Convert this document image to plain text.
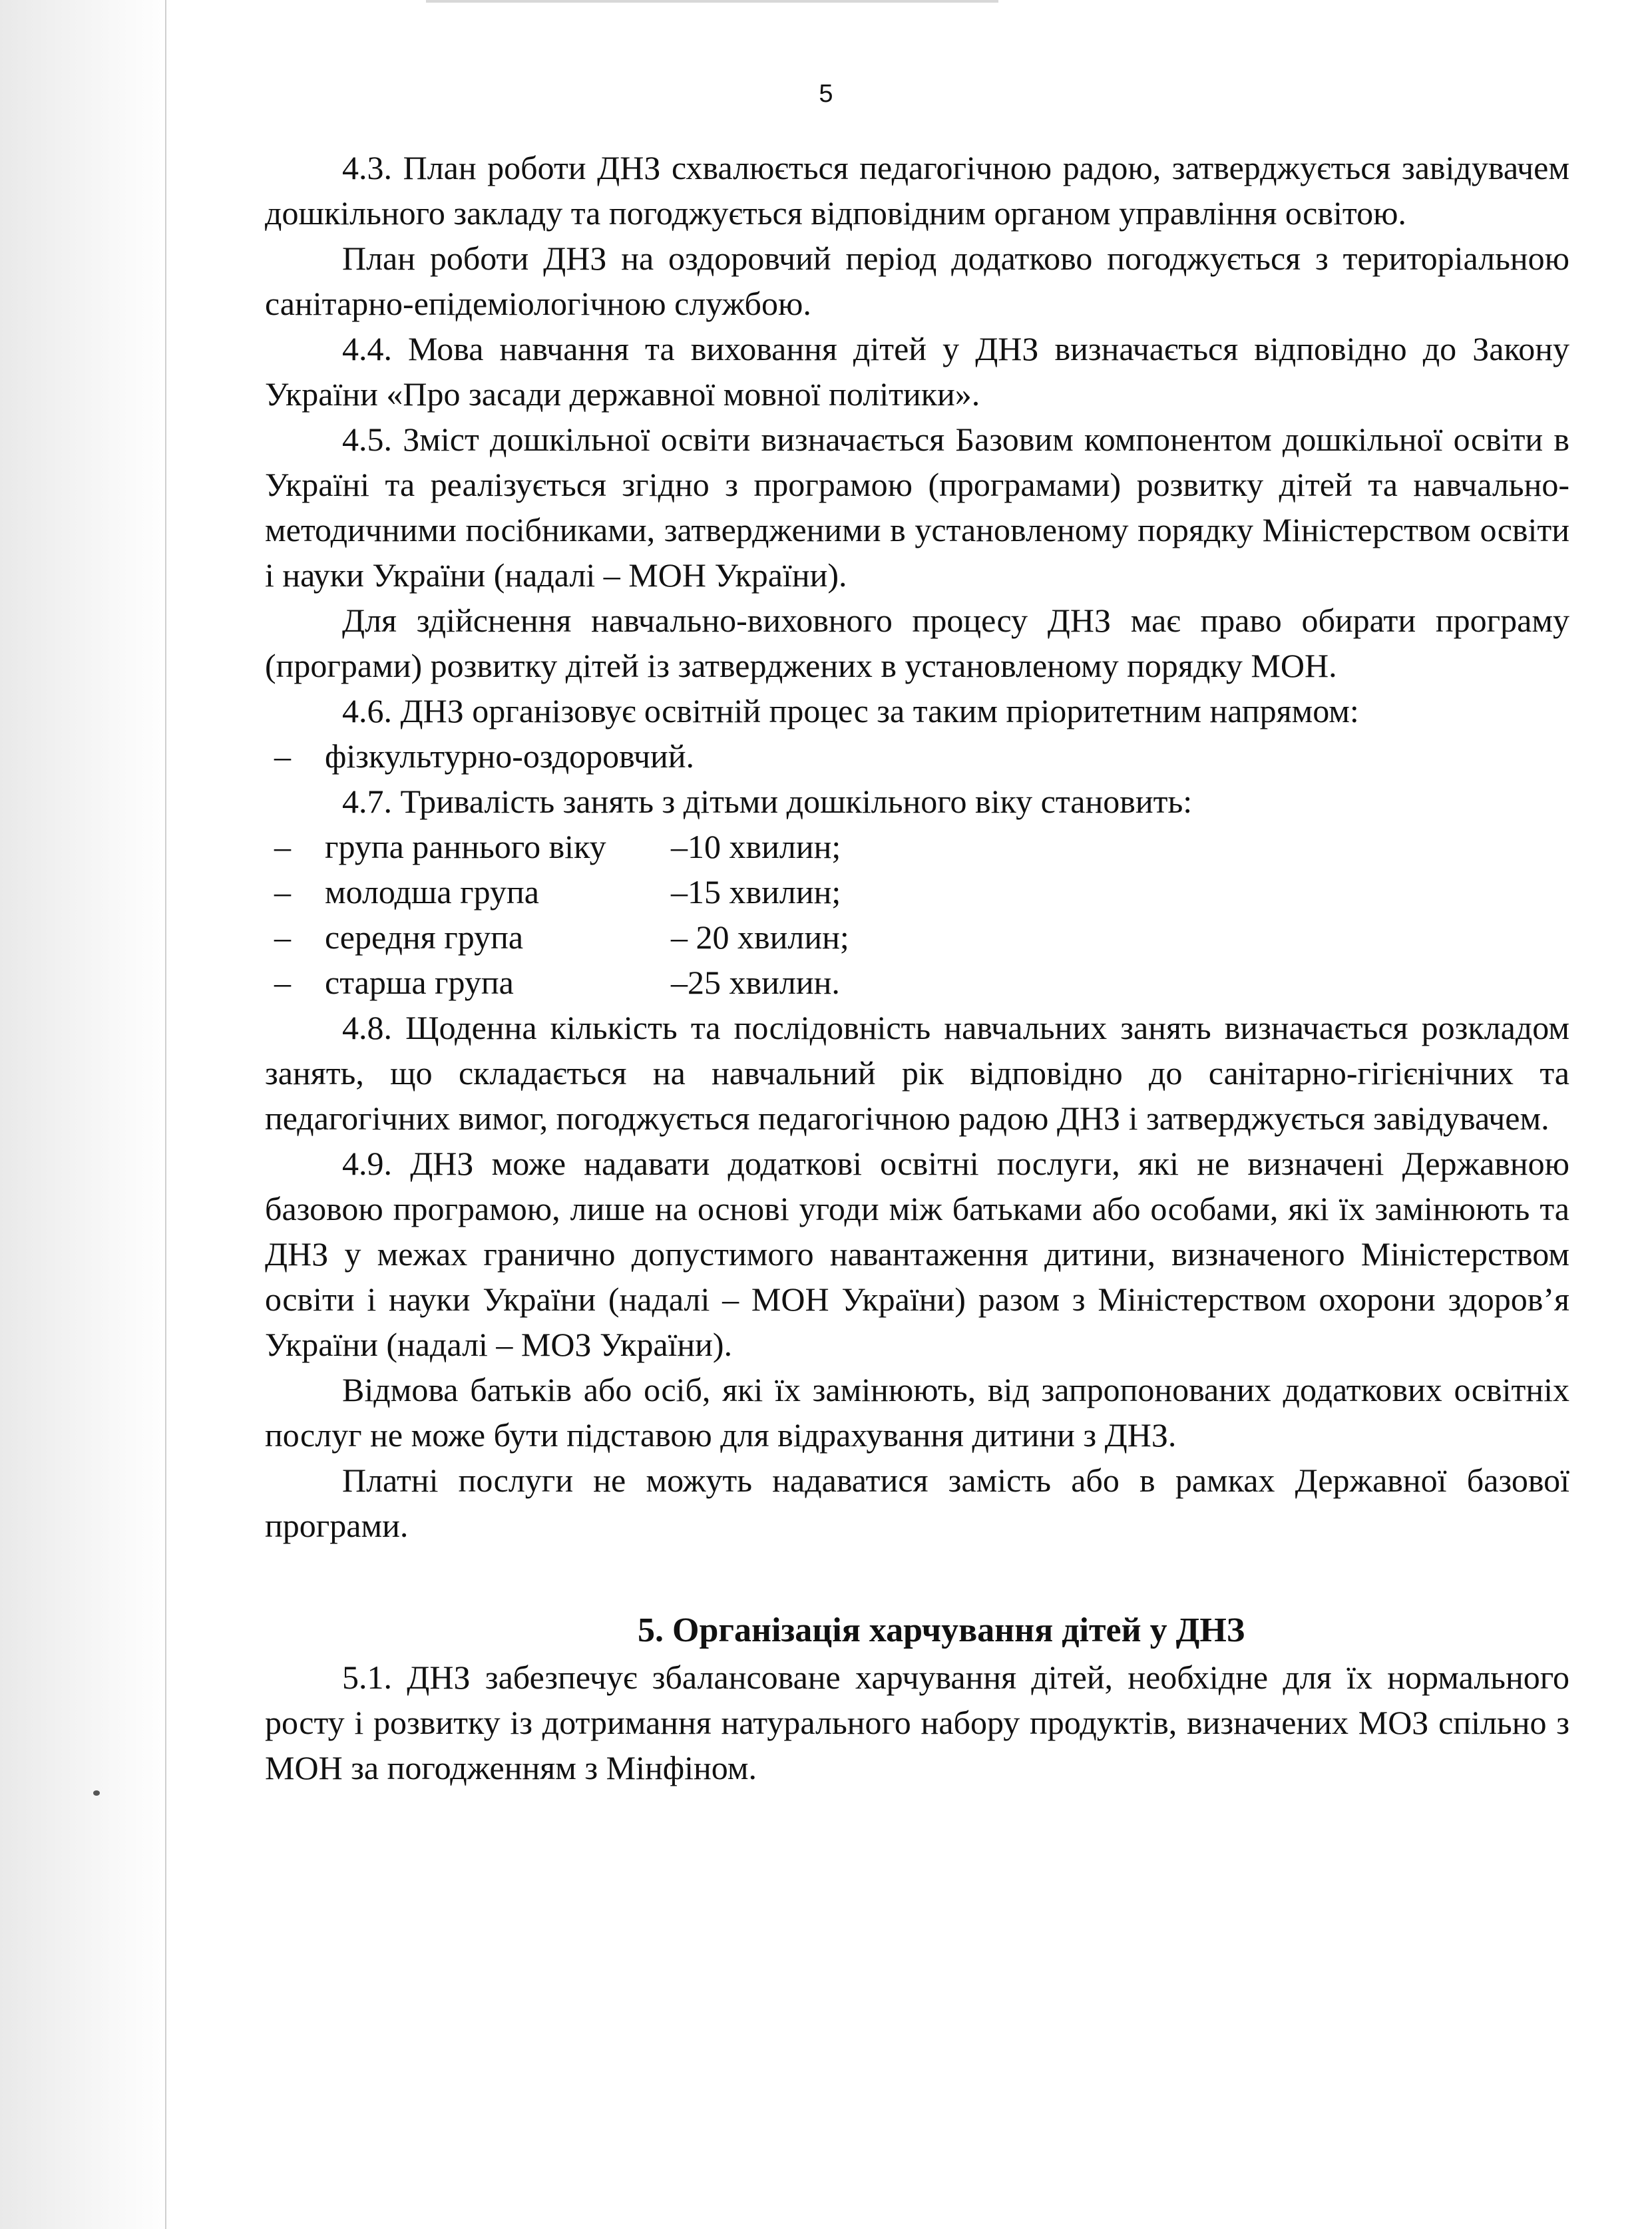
5

4.3. План роботи ДНЗ схвалюється педагогічною радою, затверджується завідувачем дошкільного закладу та погоджується відповідним органом управління освітою.

План роботи ДНЗ на оздоровчий період додатково погоджується з територіальною санітарно-епідеміологічною службою.

4.4. Мова навчання та виховання дітей у ДНЗ визначається відповідно до Закону України «Про засади державної мовної політики».

4.5. Зміст дошкільної освіти визначається Базовим компонентом дошкільної освіти в Україні та реалізується згідно з програмою (програмами) розвитку дітей та навчально-методичними посібниками, затвердженими в установленому порядку Міністерством освіти і науки України (надалі – МОН України).

Для здійснення навчально-виховного процесу ДНЗ має право обирати програму (програми) розвитку дітей із затверджених в установленому порядку МОН.

4.6. ДНЗ організовує освітній процес за таким пріоритетним напрямом:

–	фізкультурно-оздоровчий.

4.7. Тривалість занять з дітьми дошкільного віку становить:

–	група раннього віку	–10 хвилин;
–	молодша група	–15 хвилин;
–	середня група	– 20 хвилин;
–	старша група	–25 хвилин.

4.8. Щоденна кількість та послідовність навчальних занять визначається розкладом занять, що складається на навчальний рік відповідно до санітарно-гігієнічних та педагогічних вимог, погоджується педагогічною радою ДНЗ і затверджується завідувачем.

4.9. ДНЗ може надавати додаткові освітні послуги, які не визначені Державною базовою програмою, лише на основі угоди між батьками або особами, які їх замінюють та ДНЗ у межах гранично допустимого навантаження дитини, визначеного Міністерством освіти і науки України (надалі – МОН України) разом з Міністерством охорони здоров’я України (надалі – МОЗ України).

Відмова батьків або осіб, які їх замінюють, від запропонованих додаткових освітніх послуг не може бути підставою для відрахування дитини з ДНЗ.

Платні послуги не можуть надаватися замість або в рамках Державної базової програми.

5. Організація харчування дітей у ДНЗ

5.1. ДНЗ забезпечує збалансоване харчування дітей, необхідне для їх нормального росту і розвитку із дотримання натурального набору продуктів, визначених МОЗ спільно з МОН за погодженням з Мінфіном.
